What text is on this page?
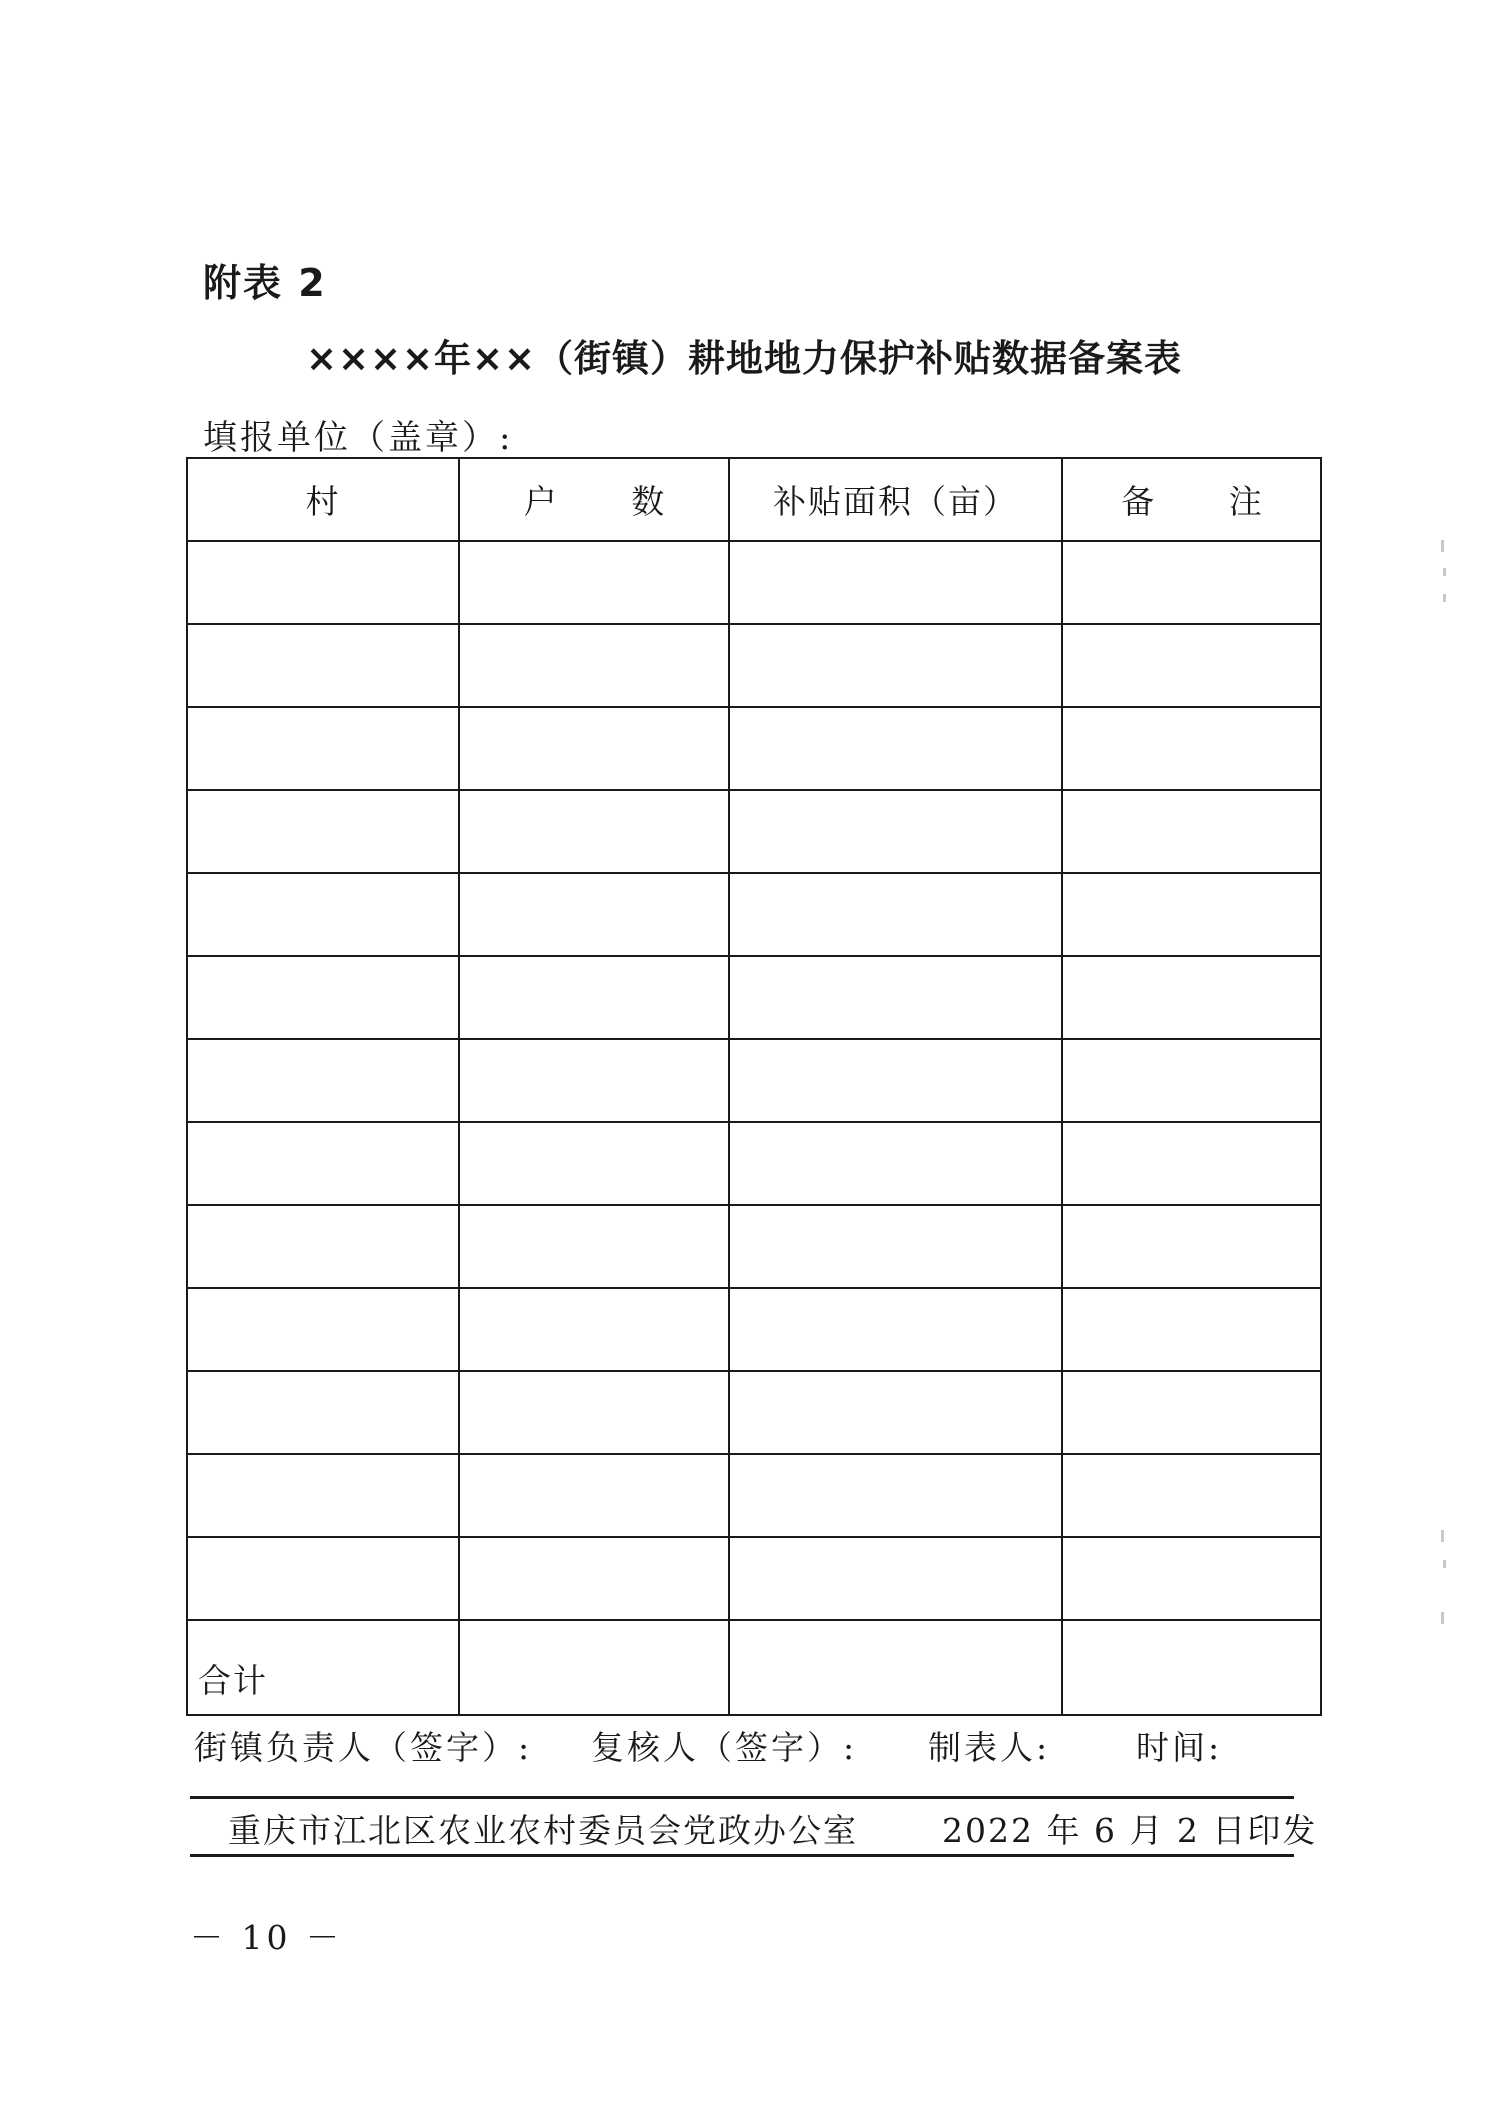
附表 2
××××年××（街镇）耕地地力保护补贴数据备案表
填报单位（盖章）:
村	户 数	补贴面积（亩）	备 注

合计			
街镇负责人（签字）: 复核人（签字）: 制表人:	时间:
重庆市江北区农业农村委员会党政办公室	2022 年 6 月 2 日印发
－ 10 －
